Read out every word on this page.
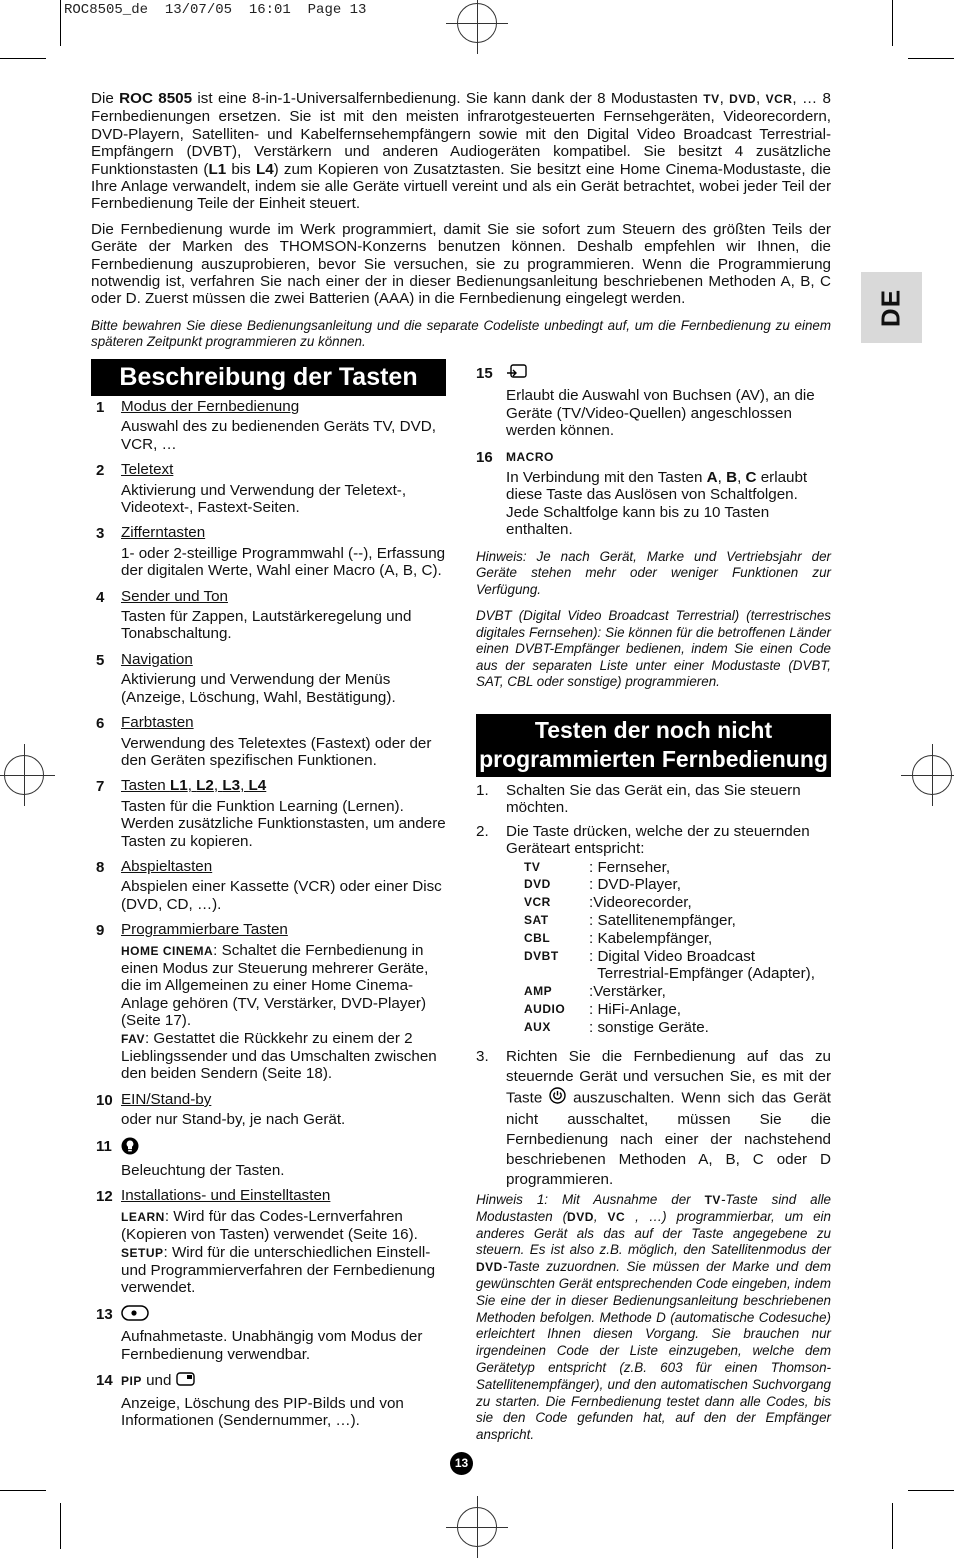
ROC8505_de  13/07/05  16:01  Page 13
DE

Die ROC 8505 ist eine 8-in-1-Universalfernbedienung. Sie kann dank der 8 Modustasten TV, DVD, VCR, … 8 Fernbedienungen ersetzen. Sie ist mit den meisten infrarotgesteuerten Fernsehgeräten, Videorecordern, DVD-Playern, Satelliten- und Kabelfernsehempfängern sowie mit den Digital Video Broadcast Terrestrial-Empfängern (DVBT), Verstärkern und anderen Audiogeräten kompatibel. Sie besitzt 4 zusätzliche Funktionstasten (L1 bis L4) zum Kopieren von Zusatztasten. Sie besitzt eine Home Cinema-Modustaste, die Ihre Anlage verwandelt, indem sie alle Geräte virtuell vereint und als ein Gerät betrachtet, wobei jeder Teil der Fernbedienung Teile der Einheit steuert.

Die Fernbedienung wurde im Werk programmiert, damit Sie sie sofort zum Steuern des größten Teils der Geräte der Marken des THOMSON-Konzerns benutzen können. Deshalb empfehlen wir Ihnen, die Fernbedienung auszuprobieren, bevor Sie versuchen, sie zu programmieren. Wenn die Programmierung notwendig ist, verfahren Sie nach einer der in dieser Bedienungsanleitung beschriebenen Methoden A, B, C oder D. Zuerst müssen die zwei Batterien (AAA) in die Fernbedienung eingelegt werden.

Bitte bewahren Sie diese Bedienungsanleitung und die separate Codeliste unbedingt auf, um die Fernbedienung zu einem späteren Zeitpunkt programmieren zu können.

Beschreibung der Tasten
1 Modus der Fernbedienung
Auswahl des zu bedienenden Geräts TV, DVD, VCR, …
2 Teletext
Aktivierung und Verwendung der Teletext-, Videotext-, Fastext-Seiten.
3 Zifferntasten
1- oder 2-steillige Programmwahl (--), Erfassung der digitalen Werte, Wahl einer Macro (A, B, C).
4 Sender und Ton
Tasten für Zappen, Lautstärkeregelung und Tonabschaltung.
5 Navigation
Aktivierung und Verwendung der Menüs (Anzeige, Löschung, Wahl, Bestätigung).
6 Farbtasten
Verwendung des Teletextes (Fastext) oder der den Geräten spezifischen Funktionen.
7 Tasten L1, L2, L3, L4
Tasten für die Funktion Learning (Lernen). Werden zusätzliche Funktionstasten, um andere Tasten zu kopieren.
8 Abspieltasten
Abspielen einer Kassette (VCR) oder einer Disc (DVD, CD, …).
9 Programmierbare Tasten
HOME CINEMA: Schaltet die Fernbedienung in einen Modus zur Steuerung mehrerer Geräte, die im Allgemeinen zu einer Home Cinema-Anlage gehören (TV, Verstärker, DVD-Player) (Seite 17).
FAV: Gestattet die Rückkehr zu einem der 2 Lieblingssender und das Umschalten zwischen den beiden Sendern (Seite 18).
10 EIN/Stand-by
oder nur Stand-by, je nach Gerät.
11
Beleuchtung der Tasten.
12 Installations- und Einstelltasten
LEARN: Wird für das Codes-Lernverfahren (Kopieren von Tasten) verwendet (Seite 16).
SETUP: Wird für die unterschiedlichen Einstell- und Programmierverfahren der Fernbedienung verwendet.
13
Aufnahmetaste. Unabhängig vom Modus der Fernbedienung verwendbar.
14 PIP und
Anzeige, Löschung des PIP-Bilds und von Informationen (Sendernummer, …).
15
Erlaubt die Auswahl von Buchsen (AV), an die Geräte (TV/Video-Quellen) angeschlossen werden können.
16 MACRO
In Verbindung mit den Tasten A, B, C erlaubt diese Taste das Auslösen von Schaltfolgen. Jede Schaltfolge kann bis zu 10 Tasten enthalten.

Hinweis: Je nach Gerät, Marke und Vertriebsjahr der Geräte stehen mehr oder weniger Funktionen zur Verfügung.

DVBT (Digital Video Broadcast Terrestrial) (terrestrisches digitales Fernsehen): Sie können für die betroffenen Länder einen DVBT-Empfänger bedienen, indem Sie einen Code aus der separaten Liste unter einer Modustaste (DVBT, SAT, CBL oder sonstige) programmieren.

Testen der noch nicht
programmierten Fernbedienung
1. Schalten Sie das Gerät ein, das Sie steuern möchten.
2. Die Taste drücken, welche der zu steuernden Geräteart entspricht:
TV	: Fernseher,
DVD	: DVD-Player,
VCR	:Videorecorder,
SAT	: Satellitenempfänger,
CBL	: Kabelempfänger,
DVBT	: Digital Video Broadcast
Terrestrial-Empfänger (Adapter),
AMP	:Verstärker,
AUDIO	: HiFi-Anlage,
AUX	: sonstige Geräte.
3. Richten Sie die Fernbedienung auf das zu steuernde Gerät und versuchen Sie, es mit der Taste  auszuschalten. Wenn sich das Gerät nicht ausschaltet, müssen Sie die Fernbedienung nach einer der nachstehend beschriebenen Methoden A, B, C oder D programmieren.
Hinweis 1: Mit Ausnahme der TV-Taste sind alle Modustasten (DVD, VC , …) programmierbar, um ein anderes Gerät als das auf der Taste angegebene zu steuern. Es ist also z.B. möglich, den Satellitenmodus der DVD-Taste zuzuordnen. Sie müssen der Marke und dem gewünschten Gerät entsprechenden Code eingeben, indem Sie eine der in dieser Bedienungsanleitung beschriebenen Methoden befolgen. Methode D (automatische Codesuche) erleichtert Ihnen diesen Vorgang. Sie brauchen nur irgendeinen Code der Liste einzugeben, welche dem Gerätetyp entspricht (z.B. 603 für einen Thomson-Satellitenempfänger), und den automatischen Suchvorgang zu starten. Die Fernbedienung testet dann alle Codes, bis sie den Code gefunden hat, auf den der Empfänger anspricht.
13
